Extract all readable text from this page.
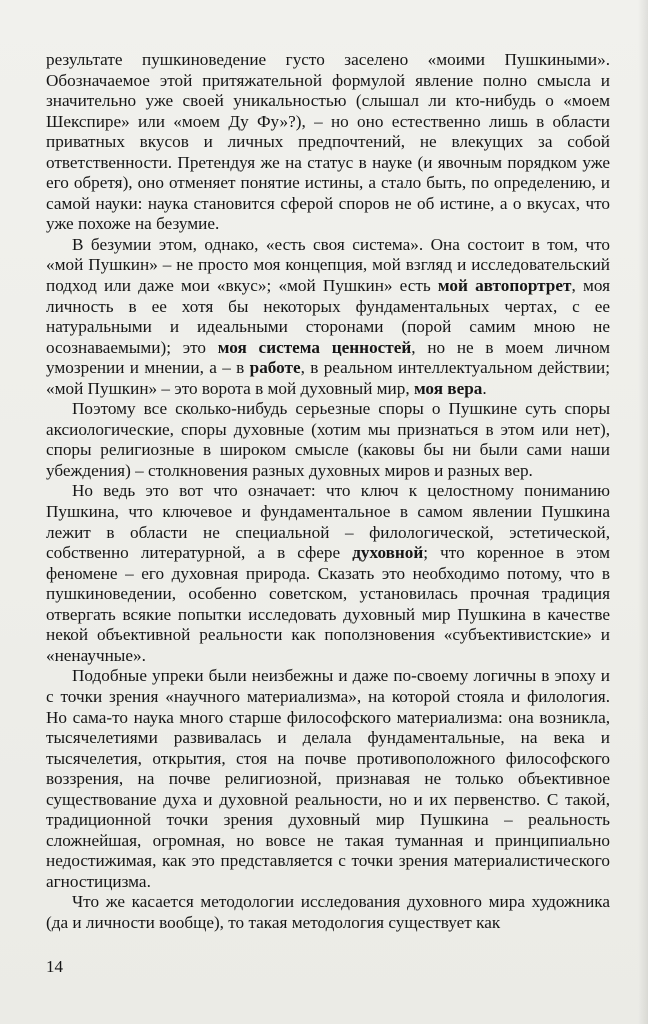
результате пушкиноведение густо заселено «моими Пушкиными». Обозначаемое этой притяжательной формулой явление полно смысла и значительно уже своей уникальностью (слышал ли кто-нибудь о «моем Шекспире» или «моем Ду Фу»?), – но оно естественно лишь в области приватных вкусов и личных предпочтений, не влекущих за собой ответственности. Претендуя же на статус в науке (и явочным порядком уже его обретя), оно отменяет понятие истины, а стало быть, по определению, и самой науки: наука становится сферой споров не об истине, а о вкусах, что уже похоже на безумие.

В безумии этом, однако, «есть своя система». Она состоит в том, что «мой Пушкин» – не просто моя концепция, мой взгляд и исследовательский подход или даже мои «вкус»; «мой Пушкин» есть мой автопортрет, моя личность в ее хотя бы некоторых фундаментальных чертах, с ее натуральными и идеальными сторонами (порой самим мною не осознаваемыми); это моя система ценностей, но не в моем личном умозрении и мнении, а – в работе, в реальном интеллектуальном действии; «мой Пушкин» – это ворота в мой духовный мир, моя вера.

Поэтому все сколько-нибудь серьезные споры о Пушкине суть споры аксиологические, споры духовные (хотим мы признаться в этом или нет), споры религиозные в широком смысле (каковы бы ни были сами наши убеждения) – столкновения разных духовных миров и разных вер.

Но ведь это вот что означает: что ключ к целостному пониманию Пушкина, что ключевое и фундаментальное в самом явлении Пушкина лежит в области не специальной – филологической, эстетической, собственно литературной, а в сфере духовной; что коренное в этом феномене – его духовная природа. Сказать это необходимо потому, что в пушкиноведении, особенно советском, установилась прочная традиция отвергать всякие попытки исследовать духовный мир Пушкина в качестве некой объективной реальности как поползновения «субъективистские» и «ненаучные».

Подобные упреки были неизбежны и даже по-своему логичны в эпоху и с точки зрения «научного материализма», на которой стояла и филология. Но сама-то наука много старше философского материализма: она возникла, тысячелетиями развивалась и делала фундаментальные, на века и тысячелетия, открытия, стоя на почве противоположного философского воззрения, на почве религиозной, признавая не только объективное существование духа и духовной реальности, но и их первенство. С такой, традиционной точки зрения духовный мир Пушкина – реальность сложнейшая, огромная, но вовсе не такая туманная и принципиально недостижимая, как это представляется с точки зрения материалистического агностицизма.

Что же касается методологии исследования духовного мира художника (да и личности вообще), то такая методология существует как

14
